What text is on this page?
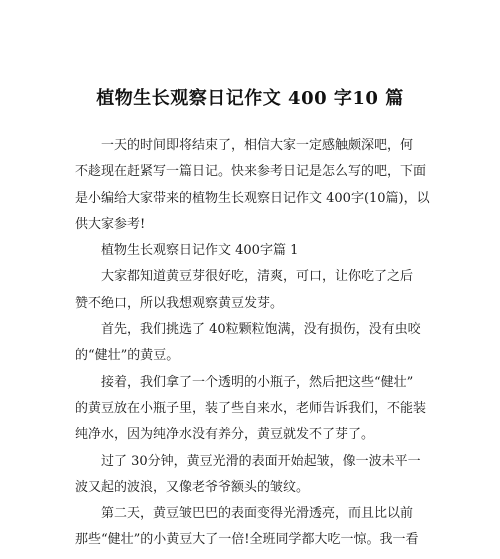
植物生长观察日记作文 400 字10 篇
　　一天的时间即将结束了，相信大家一定感触颇深吧，何
不趁现在赶紧写一篇日记。快来参考日记是怎么写的吧，下面
是小编给大家带来的植物生长观察日记作文 400字(10篇)，以
供大家参考!
　　植物生长观察日记作文 400字篇 1
　　大家都知道黄豆芽很好吃，清爽，可口，让你吃了之后
赞不绝口，所以我想观察黄豆发芽。
　　首先，我们挑选了 40粒颗粒饱满，没有损伤，没有虫咬
的“健壮”的黄豆。
　　接着，我们拿了一个透明的小瓶子，然后把这些“健壮”
的黄豆放在小瓶子里，装了些自来水，老师告诉我们，不能装
纯净水，因为纯净水没有养分，黄豆就发不了芽了。
　　过了 30分钟，黄豆光滑的表面开始起皱，像一波未平一
波又起的波浪，又像老爷爷额头的皱纹。
　　第二天，黄豆皱巴巴的表面变得光滑透亮，而且比以前
那些“健壮”的小黄豆大了一倍!全班同学都大吃一惊。我一看
